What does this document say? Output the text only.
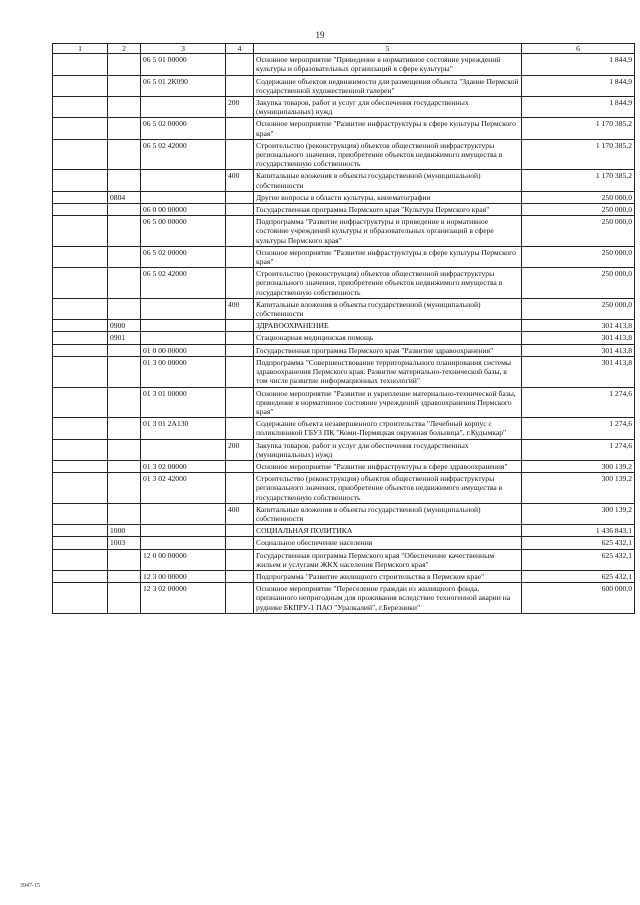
19
1	2	3	4	5	6
		06 5 01 00000		Основное мероприятие "Приведение в нормативное состояние учреждений культуры и образовательных организаций в сфере культуры"	1 844,9
		06 5 01 2К090		Содержание объектов недвижимости для размещения объекта "Здание Пермской государственной художественной галереи"	1 844,9
			200	Закупка товаров, работ и услуг для обеспечения государственных (муниципальных) нужд	1 844,9
		06 5 02 00000		Основное мероприятие "Развитие инфраструктуры в сфере культуры Пермского края"	1 170 385,2
		06 5 02 42000		Строительство (реконструкция) объектов общественной инфраструктуры регионального значения, приобретение объектов недвижимого имущества в государственную собственность	1 170 385,2
			400	Капитальные вложения в объекты государственной (муниципальной) собственности	1 170 385,2
	0804			Другие вопросы в области культуры, кинематографии	250 000,0
		06 0 00 00000		Государственная программа Пермского края "Культура Пермского края"	250 000,0
		06 5 00 00000		Подпрограмма "Развитие инфраструктуры и приведение в нормативное состояние учреждений культуры и образовательных организаций в сфере культуры Пермского края"	250 000,0
		06 5 02 00000		Основное мероприятие "Развитие инфраструктуры в сфере культуры Пермского края"	250 000,0
		06 5 02 42000		Строительство (реконструкция) объектов общественной инфраструктуры регионального значения, приобретение объектов недвижимого имущества в государственную собственность	250 000,0
			400	Капитальные вложения в объекты государственной (муниципальной) собственности	250 000,0
	0900			ЗДРАВООХРАНЕНИЕ	301 413,8
	0901			Стационарная медицинская помощь	301 413,8
		01 0 00 00000		Государственная программа Пермского края "Развитие здравоохранения"	301 413,8
		01 3 00 00000		Подпрограмма "Совершенствование территориального планирования системы здравоохранения Пермского края. Развитие материально-технической базы, в том числе развитие информационных технологий"	301 413,8
		01 3 01 00000		Основное мероприятие "Развитие и укрепление материально-технической базы, приведение в нормативное состояние учреждений здравоохранения Пермского края"	1 274,6
		01 3 01 2А130		Содержание объекта незавершенного строительства "Лечебный корпус с поликлиникой ГБУЗ ПК "Коми-Пермяцкая окружная больница", г.Кудымкар"	1 274,6
			200	Закупка товаров, работ и услуг для обеспечения государственных (муниципальных) нужд	1 274,6
		01 3 02 00000		Основное мероприятие "Развитие инфраструктуры в сфере здравоохранения"	300 139,2
		01 3 02 42000		Строительство (реконструкция) объектов общественной инфраструктуры регионального значения, приобретение объектов недвижимого имущества в государственную собственность	300 139,2
			400	Капитальные вложения в объекты государственной (муниципальной) собственности	300 139,2
	1000			СОЦИАЛЬНАЯ ПОЛИТИКА	1 436 843,1
	1003			Социальное обеспечение населения	625 432,1
		12 0 00 00000		Государственная программа Пермского края "Обеспечение качественным жильем и услугами ЖКХ населения Пермского края"	625 432,1
		12 3 00 00000		Подпрограмма "Развитие жилищного строительства в Пермском крае"	625 432,1
		12 3 02 00000		Основное мероприятие "Переселение граждан из жилищного фонда, признанного непригодным для проживания вследствие техногенной аварии на руднике БКПРУ-1 ПАО "Уралкалий", г.Березники"	600 000,0
3947-15
